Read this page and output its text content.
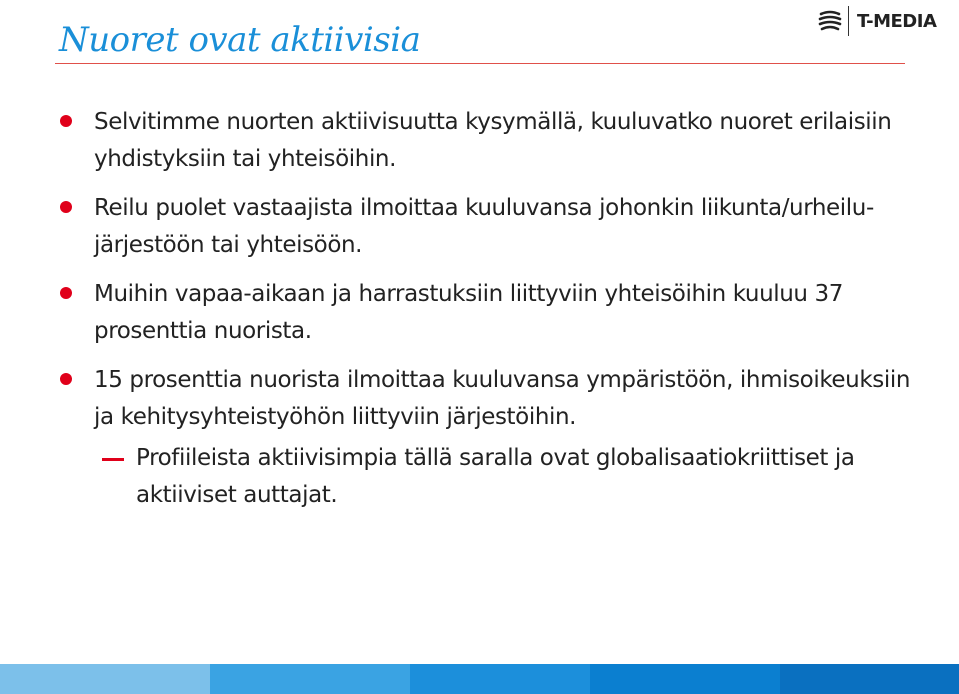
Nuoret ovat aktiivisia	T-MEDIA
Selvitimme nuorten aktiivisuutta kysymällä, kuuluvatko nuoret erilaisiin yhdistyksiin tai yhteisöihin.
Reilu puolet vastaajista ilmoittaa kuuluvansa johonkin liikunta/urheilu-järjestöön tai yhteisöön.
Muihin vapaa-aikaan ja harrastuksiin liittyviin yhteisöihin kuuluu 37 prosenttia nuorista.
15 prosenttia nuorista ilmoittaa kuuluvansa ympäristöön, ihmisoikeuksiin ja kehitysyhteistyöhön liittyviin järjestöihin.
Profiileista aktiivisimpia tällä saralla ovat globalisaatiokriittiset ja aktiiviset auttajat.
